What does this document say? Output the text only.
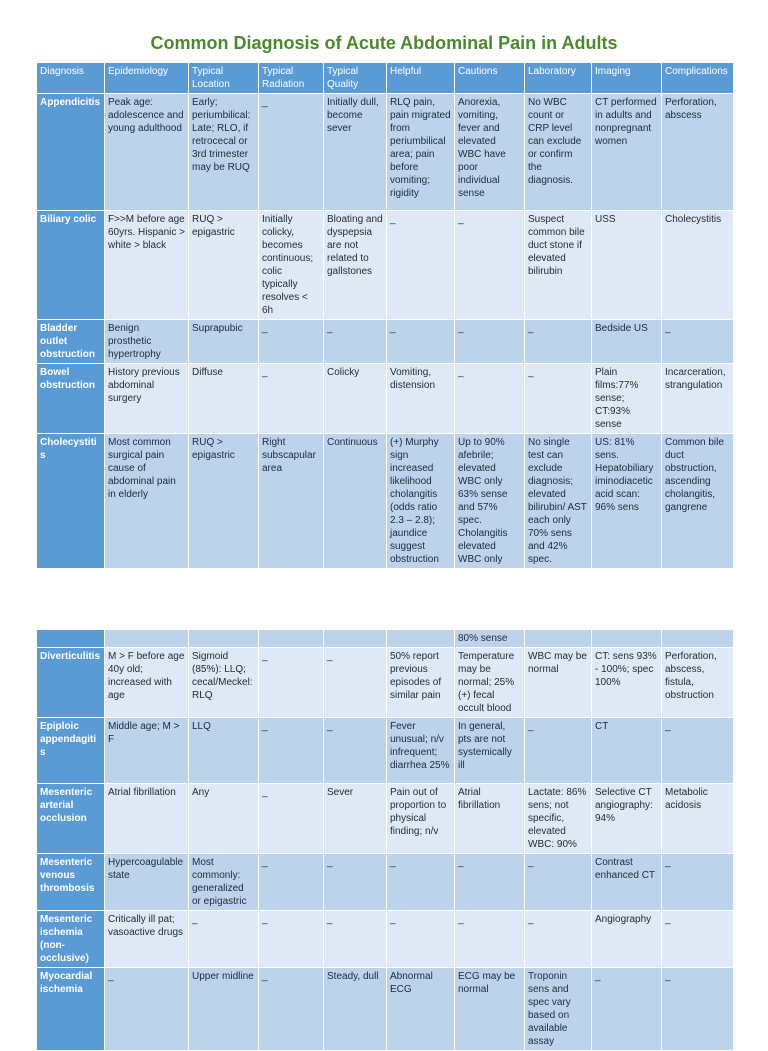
Common Diagnosis of Acute Abdominal Pain in Adults
Diagnosis	Epidemiology	Typical Location	Typical Radiation	Typical Quality	Helpful	Cautions	Laboratory	Imaging	Complications
Appendicitis	Peak age: adolescence and young adulthood	Early; periumbilical: Late; RLO, if retrocecal or 3rd trimester may be RUQ	_	Initially dull, become sever	RLQ pain, pain migrated from periumbilical area; pain before vomiting; rigidity	Anorexia, vomiting, fever and elevated WBC have poor individual sense	No WBC count or CRP level can exclude or confirm the diagnosis.	CT performed in adults and nonpregnant women	Perforation, abscess
Biliary colic	F>>M before age 60yrs. Hispanic > white > black	RUQ > epigastric	Initially colicky, becomes continuous; colic typically resolves < 6h	Bloating and dyspepsia are not related to gallstones	_	_	Suspect common bile duct stone if elevated bilirubin	USS	Cholecystitis
Bladder outlet obstruction	Benign prosthetic hypertrophy	Suprapubic	_	_	_	_	_	Bedside US	_
Bowel obstruction	History previous abdominal surgery	Diffuse	_	Colicky	Vomiting, distension	_	_	Plain films:77% sense; CT:93% sense	Incarceration, strangulation
Cholecystitis	Most common surgical pain cause of abdominal pain in elderly	RUQ > epigastric	Right subscapular area	Continuous	(+) Murphy sign increased likelihood cholangitis (odds ratio 2.3 – 2.8); jaundice suggest obstruction	Up to 90% afebrile; elevated WBC only 63% sense and 57% spec. Cholangitis elevated WBC only	No single test can exclude diagnosis; elevated bilirubin/ AST each only 70% sens and 42% spec.	US: 81% sens. Hepatobiliary iminodiacetic acid scan: 96% sens	Common bile duct obstruction, ascending cholangitis, gangrene
						80% sense			
Diverticulitis	M > F before age 40y old; increased with age	Sigmoid (85%): LLQ; cecal/Meckel: RLQ	_	_	50% report previous episodes of similar pain	Temperature may be normal; 25% (+) fecal occult blood	WBC may be normal	CT: sens 93% - 100%; spec 100%	Perforation, abscess, fistula, obstruction
Epiploic appendagitis	Middle age; M > F	LLQ	_	_	Fever unusual; n/v infrequent; diarrhea 25%	In general, pts are not systemically ill	_	CT	_
Mesenteric arterial occlusion	Atrial fibrillation	Any	_	Sever	Pain out of proportion to physical finding; n/v	Atrial fibrillation	Lactate: 86% sens; not specific, elevated WBC: 90%	Selective CT angiography: 94%	Metabolic acidosis
Mesenteric venous thrombosis	Hypercoagulable state	Most commonly: generalized or epigastric	_	_	_	_	_	Contrast enhanced CT	_
Mesenteric ischemia (non-occlusive)	Critically ill pat; vasoactive drugs	_	_	_	_	_	_	Angiography	_
Myocardial ischemia	_	Upper midline	_	Steady, dull	Abnormal ECG	ECG may be normal	Troponin sens and spec vary based on available assay	_	_
